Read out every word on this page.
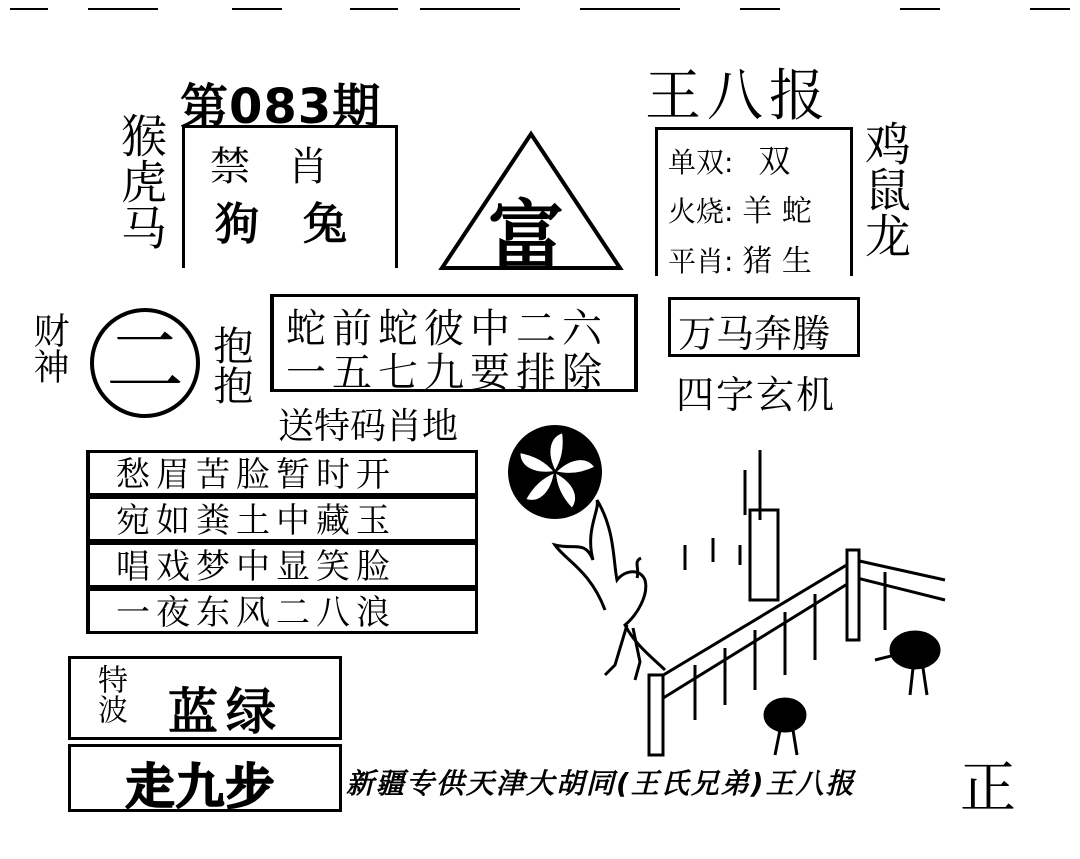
第083期
猴虎马 禁肖
狗兔 富
王八报
单双: 双
火烧: 羊 蛇
平肖: 猪 生
鸡鼠龙
财神 二 抱抱 蛇前蛇彼中二六
一五七九要排除
送特码肖地
万马奔腾
四字玄机
愁眉苦脸暂时开
宛如粪土中藏玉
唱戏梦中显笑脸
一夜东风二八浪
特波 蓝绿
走九步 新疆专供天津大胡同(王氏兄弟)王八报 正
